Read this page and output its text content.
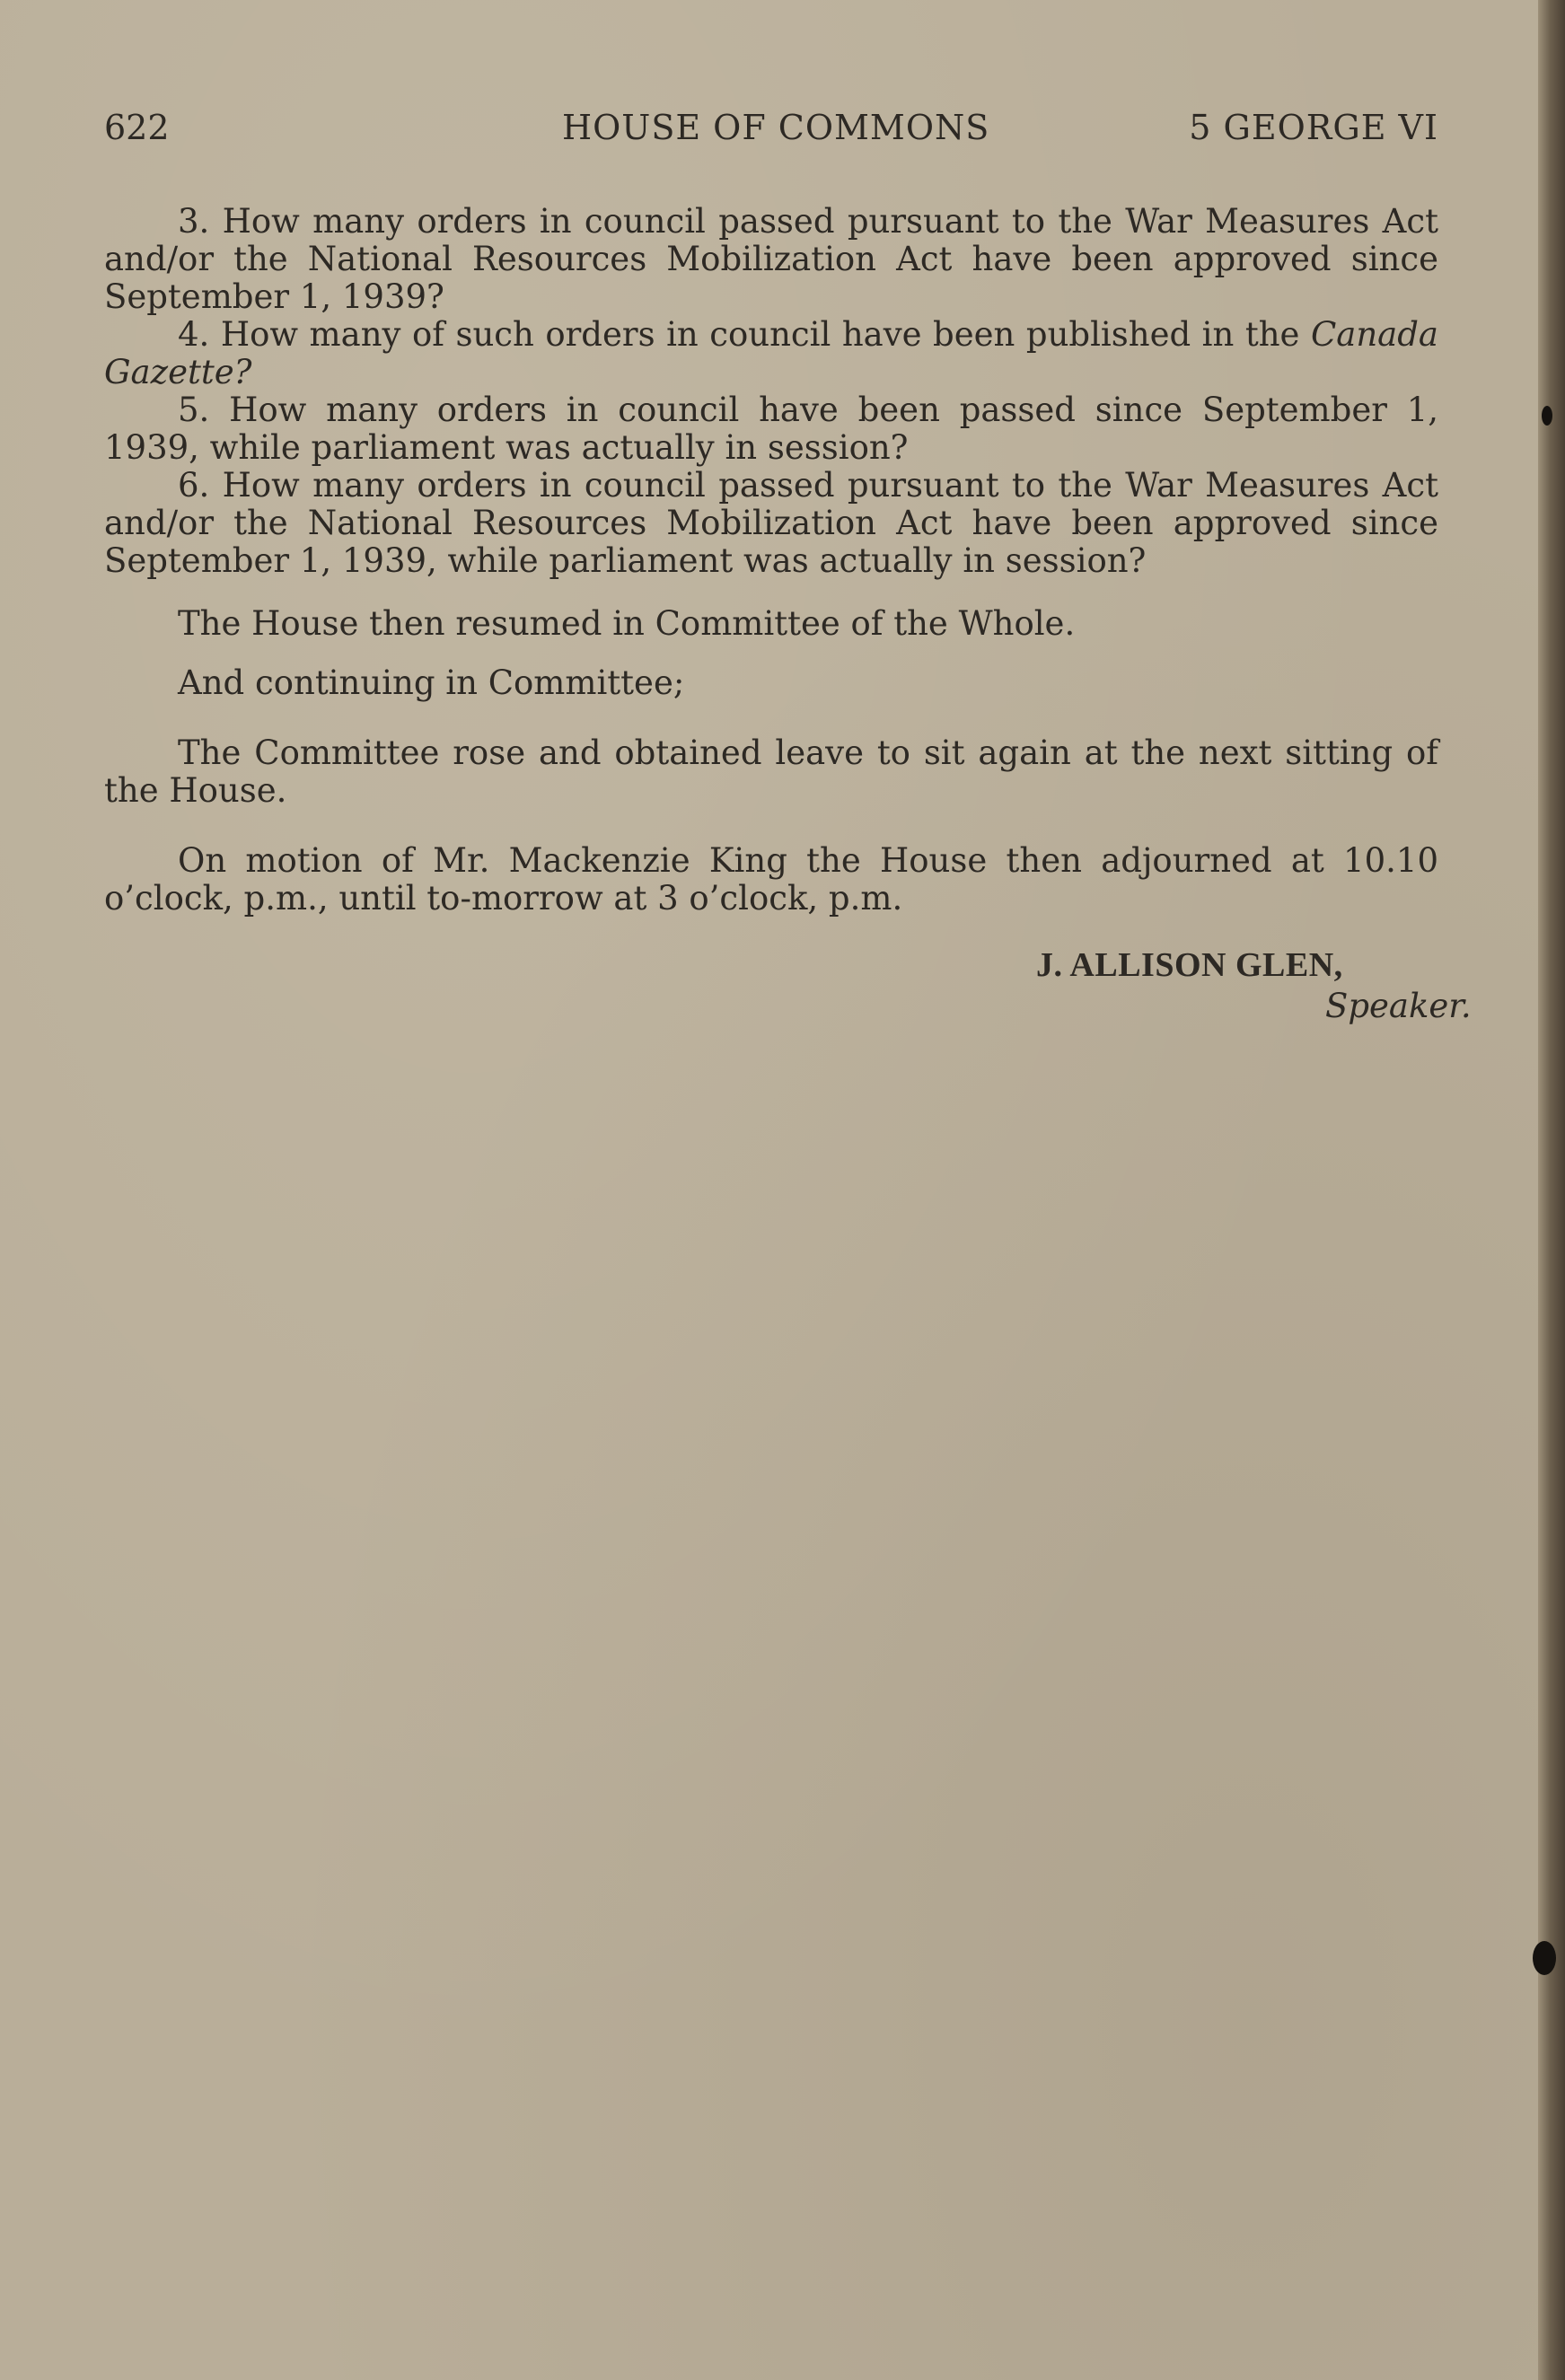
622	HOUSE OF COMMONS	5 GEORGE VI

3. How many orders in council passed pursuant to the War Measures Act and/or the National Resources Mobilization Act have been approved since September 1, 1939?

4. How many of such orders in council have been published in the Canada Gazette?

5. How many orders in council have been passed since September 1, 1939, while parliament was actually in session?

6. How many orders in council passed pursuant to the War Measures Act and/or the National Resources Mobilization Act have been approved since September 1, 1939, while parliament was actually in session?

The House then resumed in Committee of the Whole.

And continuing in Committee;

The Committee rose and obtained leave to sit again at the next sitting of the House.

On motion of Mr. Mackenzie King the House then adjourned at 10.10 o’clock, p.m., until to-morrow at 3 o’clock, p.m.

J. ALLISON GLEN,
Speaker.
